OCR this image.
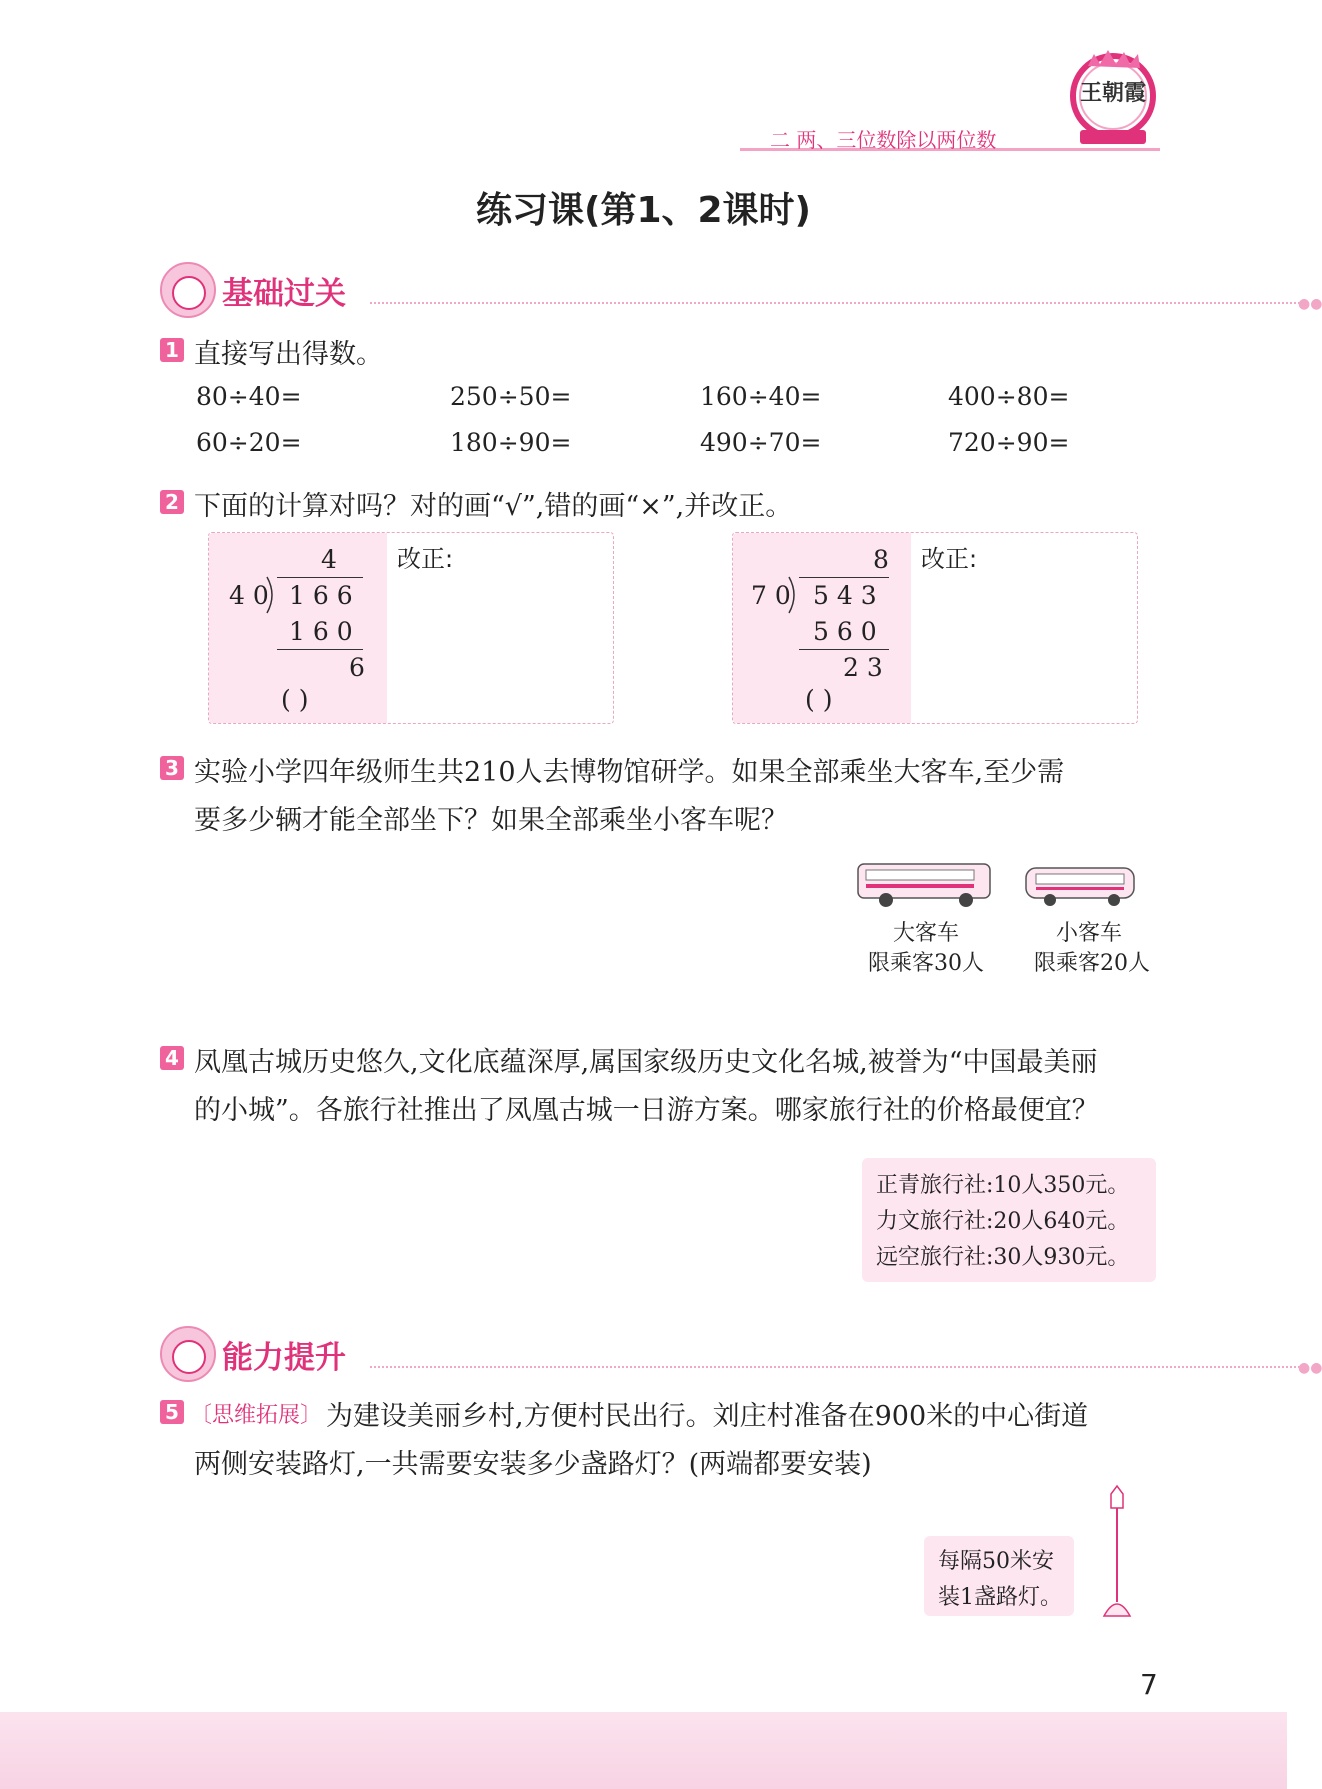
二 两、三位数除以两位数
王朝霞
练习课(第1、2课时)
基础过关	●●
1 直接写出得数。
80÷40=	250÷50=	160÷40=	400÷80=
60÷20=	180÷90=	490÷70=	720÷90=
2 下面的计算对吗？对的画“√”,错的画“×”,并改正。
4
4 0 1 6 6
1 6 0
6
( )
改正:	8
7 0 5 4 3
5 6 0
2 3
( )
改正:
3 实验小学四年级师生共210人去博物馆研学。如果全部乘坐大客车,至少需
要多少辆才能全部坐下？如果全部乘坐小客车呢？
大客车
限乘客30人
小客车
限乘客20人
4 凤凰古城历史悠久,文化底蕴深厚,属国家级历史文化名城,被誉为“中国最美丽
的小城”。各旅行社推出了凤凰古城一日游方案。哪家旅行社的价格最便宜？
正青旅行社:10人350元。
力文旅行社:20人640元。
远空旅行社:30人930元。
能力提升	●●
5 〔思维拓展〕 为建设美丽乡村,方便村民出行。刘庄村准备在900米的中心街道
两侧安装路灯,一共需要安装多少盏路灯？(两端都要安装)
每隔50米安
装1盏路灯。
7
